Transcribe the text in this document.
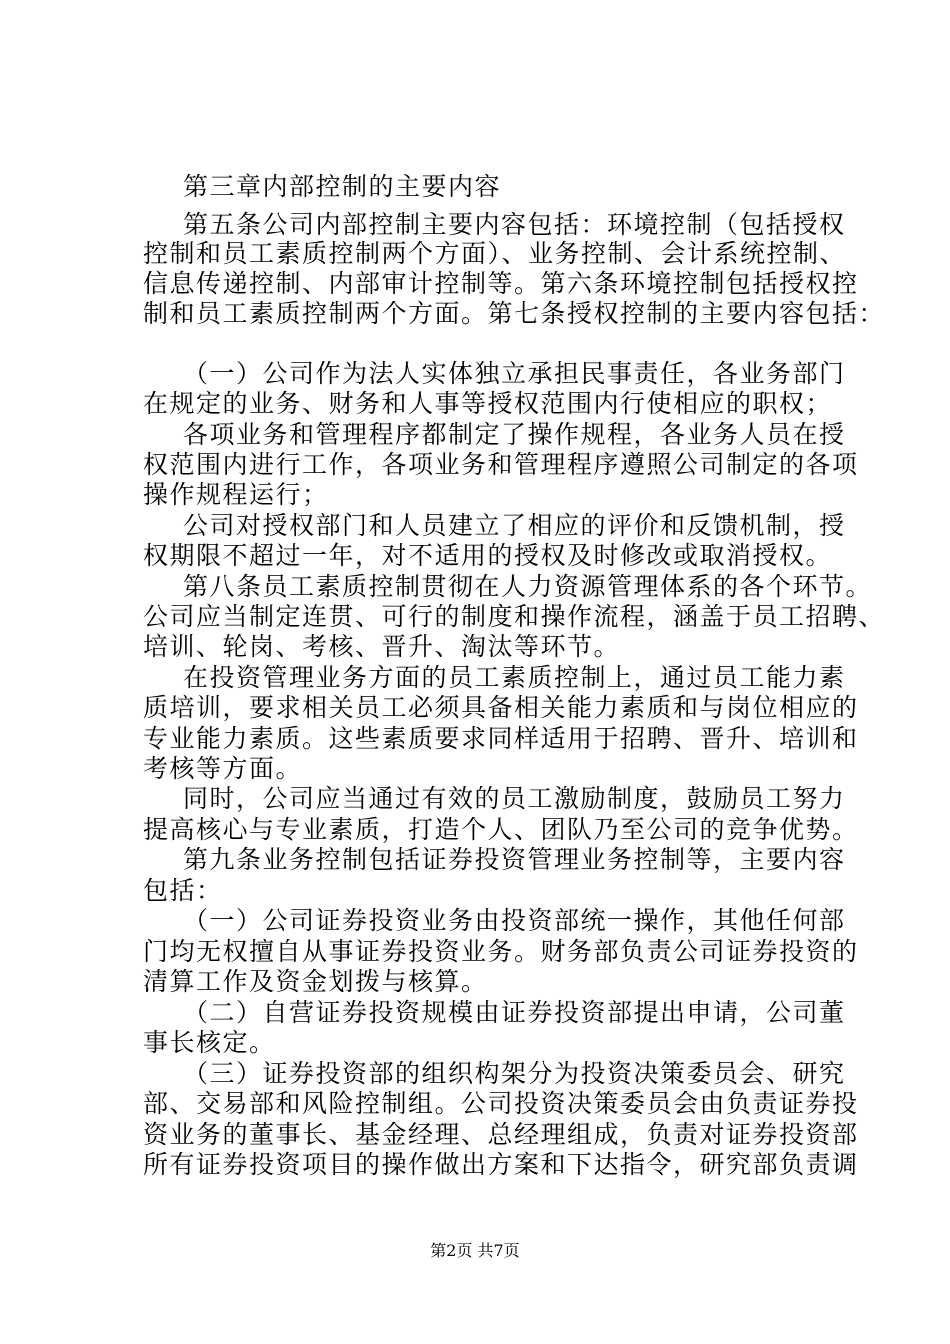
第三章内部控制的主要内容
第五条公司内部控制主要内容包括：环境控制（包括授权
控制和员工素质控制两个方面）、业务控制、会计系统控制、
信息传递控制、内部审计控制等。第六条环境控制包括授权控
制和员工素质控制两个方面。第七条授权控制的主要内容包括：
（一）公司作为法人实体独立承担民事责任，各业务部门
在规定的业务、财务和人事等授权范围内行使相应的职权；
各项业务和管理程序都制定了操作规程，各业务人员在授
权范围内进行工作，各项业务和管理程序遵照公司制定的各项
操作规程运行；
公司对授权部门和人员建立了相应的评价和反馈机制，授
权期限不超过一年，对不适用的授权及时修改或取消授权。
第八条员工素质控制贯彻在人力资源管理体系的各个环节。
公司应当制定连贯、可行的制度和操作流程，涵盖于员工招聘、
培训、轮岗、考核、晋升、淘汰等环节。
在投资管理业务方面的员工素质控制上，通过员工能力素
质培训，要求相关员工必须具备相关能力素质和与岗位相应的
专业能力素质。这些素质要求同样适用于招聘、晋升、培训和
考核等方面。
同时，公司应当通过有效的员工激励制度，鼓励员工努力
提高核心与专业素质，打造个人、团队乃至公司的竞争优势。
第九条业务控制包括证券投资管理业务控制等，主要内容
包括：
（一）公司证券投资业务由投资部统一操作，其他任何部
门均无权擅自从事证券投资业务。财务部负责公司证券投资的
清算工作及资金划拨与核算。
（二）自营证券投资规模由证券投资部提出申请，公司董
事长核定。
（三）证券投资部的组织构架分为投资决策委员会、研究
部、交易部和风险控制组。公司投资决策委员会由负责证券投
资业务的董事长、基金经理、总经理组成，负责对证券投资部
所有证券投资项目的操作做出方案和下达指令，研究部负责调
第2页 共7页
